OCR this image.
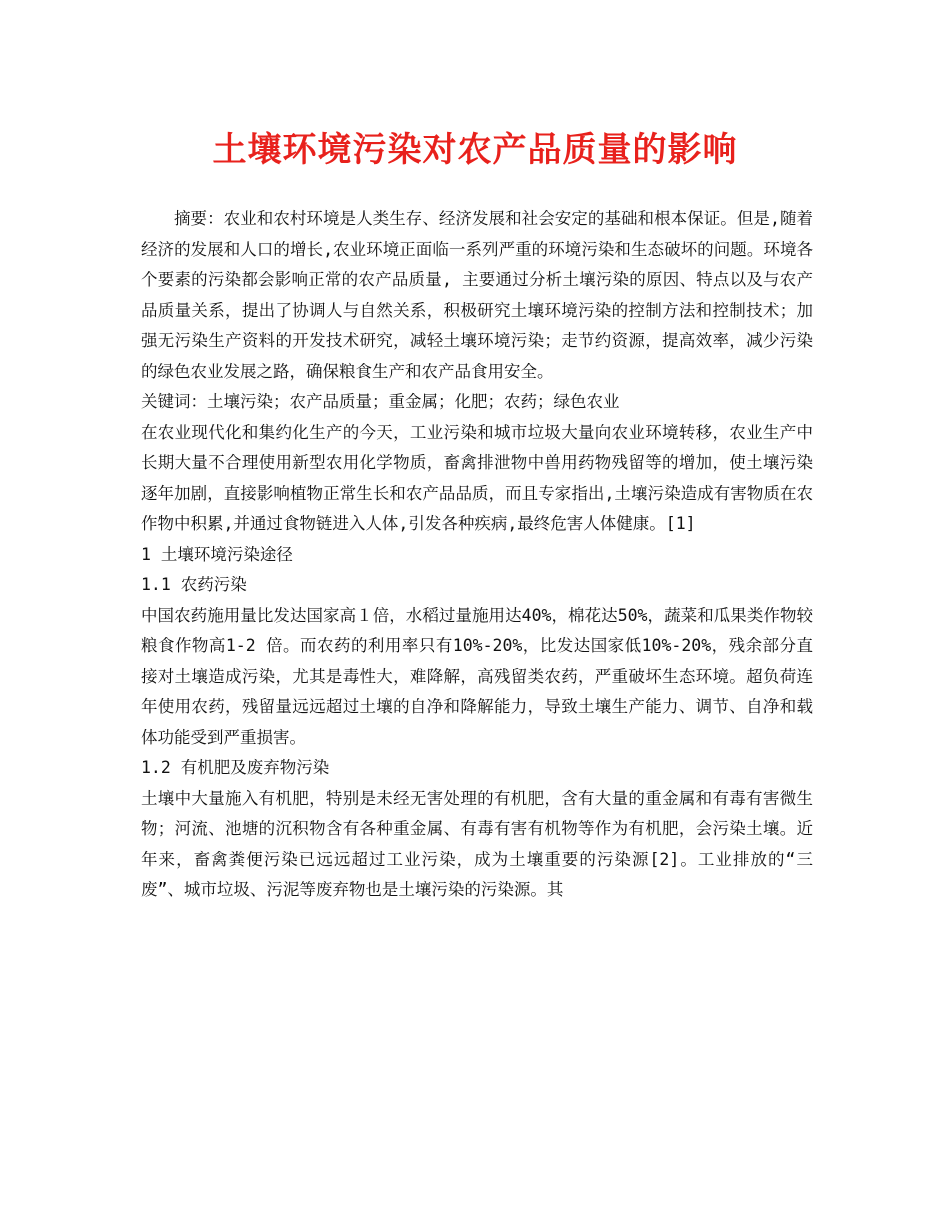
土壤环境污染对农产品质量的影响

摘要：农业和农村环境是人类生存、经济发展和社会安定的基础和根本保证。但是,随着经济的发展和人口的增长,农业环境正面临一系列严重的环境污染和生态破坏的问题。环境各个要素的污染都会影响正常的农产品质量, 主要通过分析土壤污染的原因、特点以及与农产品质量关系，提出了协调人与自然关系，积极研究土壤环境污染的控制方法和控制技术；加强无污染生产资料的开发技术研究，减轻土壤环境污染；走节约资源，提高效率，减少污染的绿色农业发展之路，确保粮食生产和农产品食用安全。

关键词：土壤污染；农产品质量；重金属；化肥；农药；绿色农业

在农业现代化和集约化生产的今天，工业污染和城市垃圾大量向农业环境转移，农业生产中长期大量不合理使用新型农用化学物质，畜禽排泄物中兽用药物残留等的增加，使土壤污染逐年加剧，直接影响植物正常生长和农产品品质，而且专家指出,土壤污染造成有害物质在农作物中积累,并通过食物链进入人体,引发各种疾病,最终危害人体健康。[1]

1 土壤环境污染途径

1.1 农药污染

中国农药施用量比发达国家高１倍，水稻过量施用达40%，棉花达50%，蔬菜和瓜果类作物较粮食作物高1-2 倍。而农药的利用率只有10%-20%，比发达国家低10%-20%，残余部分直接对土壤造成污染，尤其是毒性大，难降解，高残留类农药，严重破坏生态环境。超负荷连年使用农药，残留量远远超过土壤的自净和降解能力，导致土壤生产能力、调节、自净和载体功能受到严重损害。

1.2 有机肥及废弃物污染

土壤中大量施入有机肥，特别是未经无害处理的有机肥，含有大量的重金属和有毒有害微生物；河流、池塘的沉积物含有各种重金属、有毒有害有机物等作为有机肥，会污染土壤。近年来，畜禽粪便污染已远远超过工业污染，成为土壤重要的污染源[2]。工业排放的“三废”、城市垃圾、污泥等废弃物也是土壤污染的污染源。其
